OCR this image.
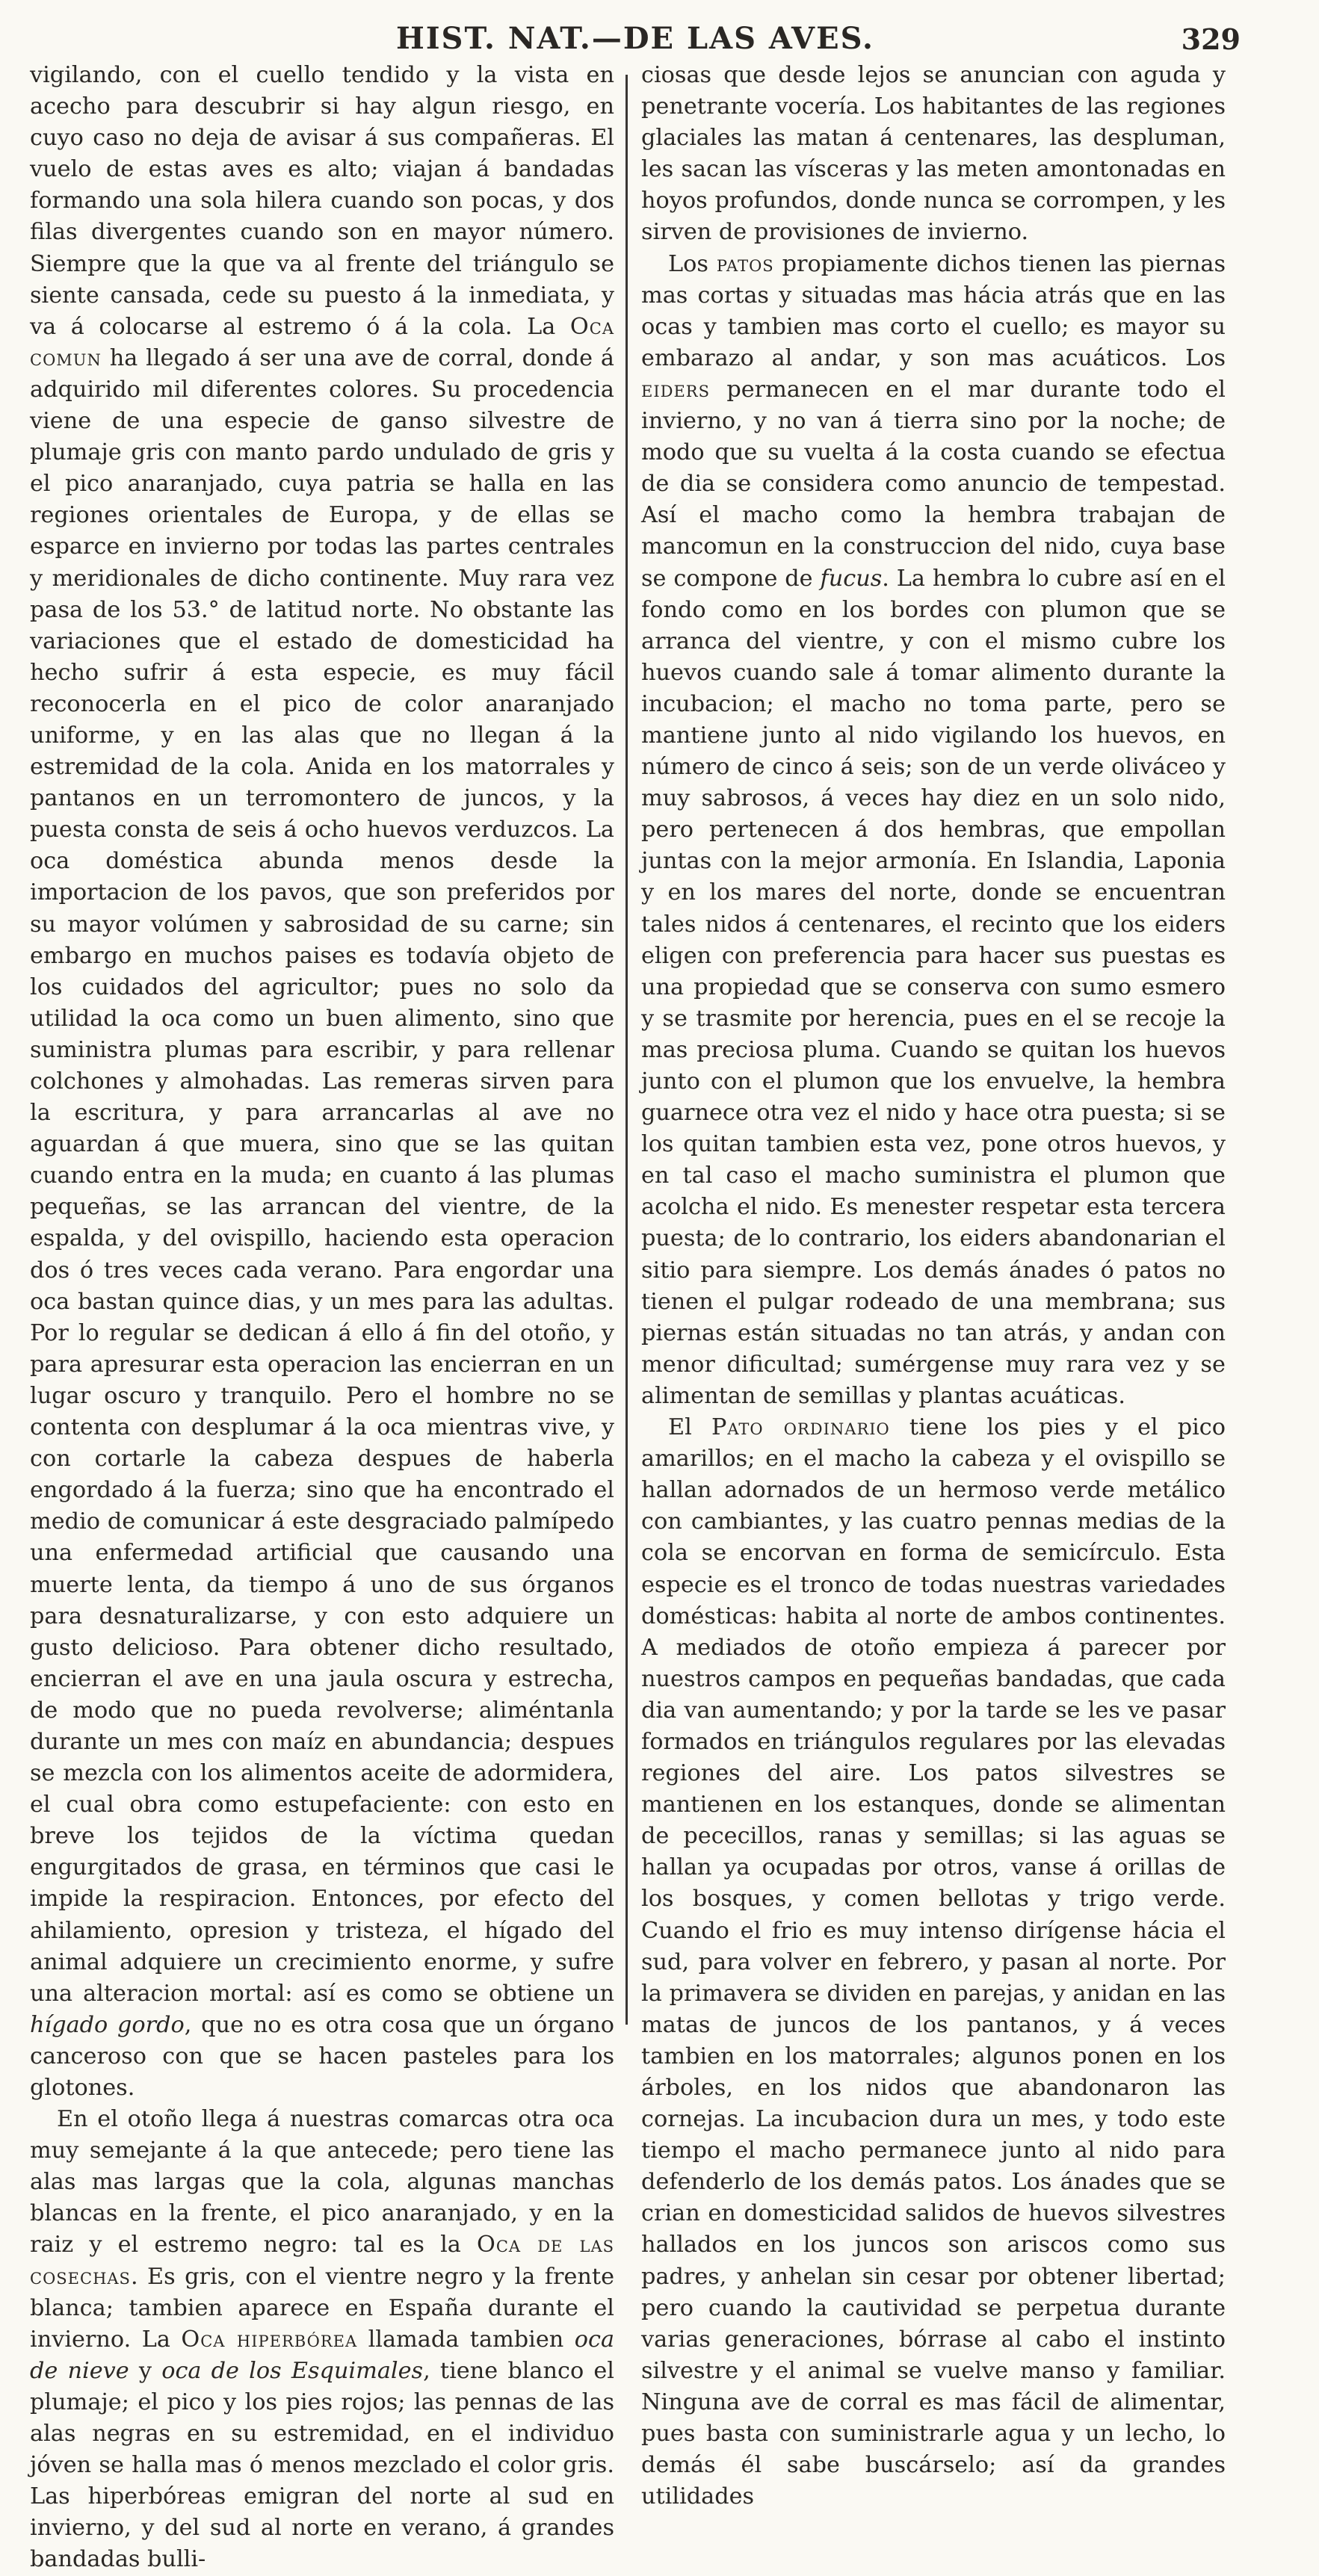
HIST. NAT.—DE LAS AVES.	329

vigilando, con el cuello tendido y la vista en acecho para descubrir si hay algun riesgo, en cuyo caso no deja de avisar á sus compañeras. El vuelo de estas aves es alto; viajan á bandadas formando una sola hilera cuando son pocas, y dos filas divergentes cuando son en mayor número. Siempre que la que va al frente del triángulo se siente cansada, cede su puesto á la inmediata, y va á colocarse al estremo ó á la cola. La Oca comun ha llegado á ser una ave de corral, donde á adquirido mil diferentes colores. Su procedencia viene de una especie de ganso silvestre de plumaje gris con manto pardo undulado de gris y el pico anaranjado, cuya patria se halla en las regiones orientales de Europa, y de ellas se esparce en invierno por todas las partes centrales y meridionales de dicho continente. Muy rara vez pasa de los 53.° de latitud norte. No obstante las variaciones que el estado de domesticidad ha hecho sufrir á esta especie, es muy fácil reconocerla en el pico de color anaranjado uniforme, y en las alas que no llegan á la estremidad de la cola. Anida en los matorrales y pantanos en un terromontero de juncos, y la puesta consta de seis á ocho huevos verduzcos. La oca doméstica abunda menos desde la importacion de los pavos, que son preferidos por su mayor volúmen y sabrosidad de su carne; sin embargo en muchos paises es todavía objeto de los cuidados del agricultor; pues no solo da utilidad la oca como un buen alimento, sino que suministra plumas para escribir, y para rellenar colchones y almohadas. Las remeras sirven para la escritura, y para arrancarlas al ave no aguardan á que muera, sino que se las quitan cuando entra en la muda; en cuanto á las plumas pequeñas, se las arrancan del vientre, de la espalda, y del ovispillo, haciendo esta operacion dos ó tres veces cada verano. Para engordar una oca bastan quince dias, y un mes para las adultas. Por lo regular se dedican á ello á fin del otoño, y para apresurar esta operacion las encierran en un lugar oscuro y tranquilo. Pero el hombre no se contenta con desplumar á la oca mientras vive, y con cortarle la cabeza despues de haberla engordado á la fuerza; sino que ha encontrado el medio de comunicar á este desgraciado palmípedo una enfermedad artificial que causando una muerte lenta, da tiempo á uno de sus órganos para desnaturalizarse, y con esto adquiere un gusto delicioso. Para obtener dicho resultado, encierran el ave en una jaula oscura y estrecha, de modo que no pueda revolverse; aliméntanla durante un mes con maíz en abundancia; despues se mezcla con los alimentos aceite de adormidera, el cual obra como estupefaciente: con esto en breve los tejidos de la víctima quedan engurgitados de grasa, en términos que casi le impide la respiracion. Entonces, por efecto del ahilamiento, opresion y tristeza, el hígado del animal adquiere un crecimiento enorme, y sufre una alteracion mortal: así es como se obtiene un hígado gordo, que no es otra cosa que un órgano canceroso con que se hacen pasteles para los glotones.

En el otoño llega á nuestras comarcas otra oca muy semejante á la que antecede; pero tiene las alas mas largas que la cola, algunas manchas blancas en la frente, el pico anaranjado, y en la raiz y el estremo negro: tal es la Oca de las cosechas. Es gris, con el vientre negro y la frente blanca; tambien aparece en España durante el invierno. La Oca hiperbórea llamada tambien oca de nieve y oca de los Esquimales, tiene blanco el plumaje; el pico y los pies rojos; las pennas de las alas negras en su estremidad, en el individuo jóven se halla mas ó menos mezclado el color gris. Las hiperbóreas emigran del norte al sud en invierno, y del sud al norte en verano, á grandes bandadas bulli-

ciosas que desde lejos se anuncian con aguda y penetrante vocería. Los habitantes de las regiones glaciales las matan á centenares, las despluman, les sacan las vísceras y las meten amontonadas en hoyos profundos, donde nunca se corrompen, y les sirven de provisiones de invierno.

Los patos propiamente dichos tienen las piernas mas cortas y situadas mas hácia atrás que en las ocas y tambien mas corto el cuello; es mayor su embarazo al andar, y son mas acuáticos. Los eiders permanecen en el mar durante todo el invierno, y no van á tierra sino por la noche; de modo que su vuelta á la costa cuando se efectua de dia se considera como anuncio de tempestad. Así el macho como la hembra trabajan de mancomun en la construccion del nido, cuya base se compone de fucus. La hembra lo cubre así en el fondo como en los bordes con plumon que se arranca del vientre, y con el mismo cubre los huevos cuando sale á tomar alimento durante la incubacion; el macho no toma parte, pero se mantiene junto al nido vigilando los huevos, en número de cinco á seis; son de un verde oliváceo y muy sabrosos, á veces hay diez en un solo nido, pero pertenecen á dos hembras, que empollan juntas con la mejor armonía. En Islandia, Laponia y en los mares del norte, donde se encuentran tales nidos á centenares, el recinto que los eiders eligen con preferencia para hacer sus puestas es una propiedad que se conserva con sumo esmero y se trasmite por herencia, pues en el se recoje la mas preciosa pluma. Cuando se quitan los huevos junto con el plumon que los envuelve, la hembra guarnece otra vez el nido y hace otra puesta; si se los quitan tambien esta vez, pone otros huevos, y en tal caso el macho suministra el plumon que acolcha el nido. Es menester respetar esta tercera puesta; de lo contrario, los eiders abandonarian el sitio para siempre. Los demás ánades ó patos no tienen el pulgar rodeado de una membrana; sus piernas están situadas no tan atrás, y andan con menor dificultad; sumérgense muy rara vez y se alimentan de semillas y plantas acuáticas.

El Pato ordinario tiene los pies y el pico amarillos; en el macho la cabeza y el ovispillo se hallan adornados de un hermoso verde metálico con cambiantes, y las cuatro pennas medias de la cola se encorvan en forma de semicírculo. Esta especie es el tronco de todas nuestras variedades domésticas: habita al norte de ambos continentes. A mediados de otoño empieza á parecer por nuestros campos en pequeñas bandadas, que cada dia van aumentando; y por la tarde se les ve pasar formados en triángulos regulares por las elevadas regiones del aire. Los patos silvestres se mantienen en los estanques, donde se alimentan de pececillos, ranas y semillas; si las aguas se hallan ya ocupadas por otros, vanse á orillas de los bosques, y comen bellotas y trigo verde. Cuando el frio es muy intenso dirígense hácia el sud, para volver en febrero, y pasan al norte. Por la primavera se dividen en parejas, y anidan en las matas de juncos de los pantanos, y á veces tambien en los matorrales; algunos ponen en los árboles, en los nidos que abandonaron las cornejas. La incubacion dura un mes, y todo este tiempo el macho permanece junto al nido para defenderlo de los demás patos. Los ánades que se crian en domesticidad salidos de huevos silvestres hallados en los juncos son ariscos como sus padres, y anhelan sin cesar por obtener libertad; pero cuando la cautividad se perpetua durante varias generaciones, bórrase al cabo el instinto silvestre y el animal se vuelve manso y familiar. Ninguna ave de corral es mas fácil de alimentar, pues basta con suministrarle agua y un lecho, lo demás él sabe buscárselo; así da grandes utilidades
